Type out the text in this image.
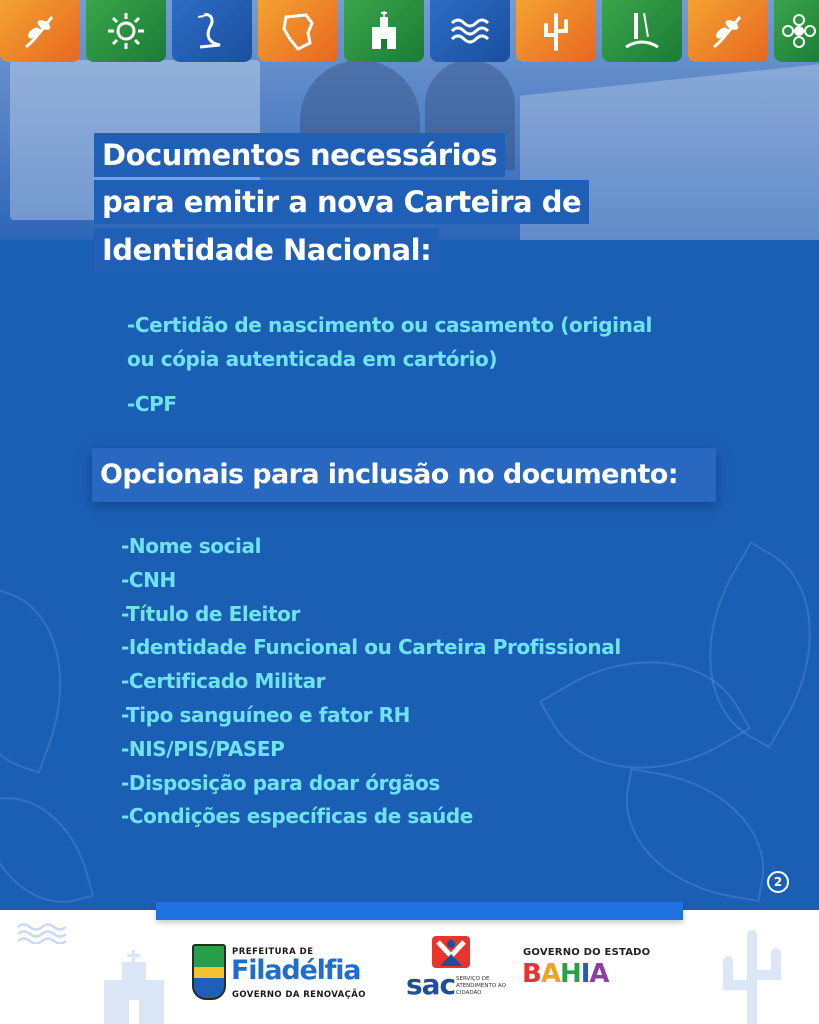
Documentos necessários
para emitir a nova Carteira de
Identidade Nacional:
-Certidão de nascimento ou casamento (original
ou cópia autenticada em cartório)
-CPF
Opcionais para inclusão no documento:
-Nome social
-CNH
-Título de Eleitor
-Identidade Funcional ou Carteira Profissional
-Certificado Militar
-Tipo sanguíneo e fator RH
-NIS/PIS/PASEP
-Disposição para doar órgãos
-Condições específicas de saúde
2
PREFEITURA DE
Filadélfia
GOVERNO DA RENOVAÇÃO sac SERVIÇO DE ATENDIMENTO AO CIDADÃO
GOVERNO DO ESTADO
BAHIA
